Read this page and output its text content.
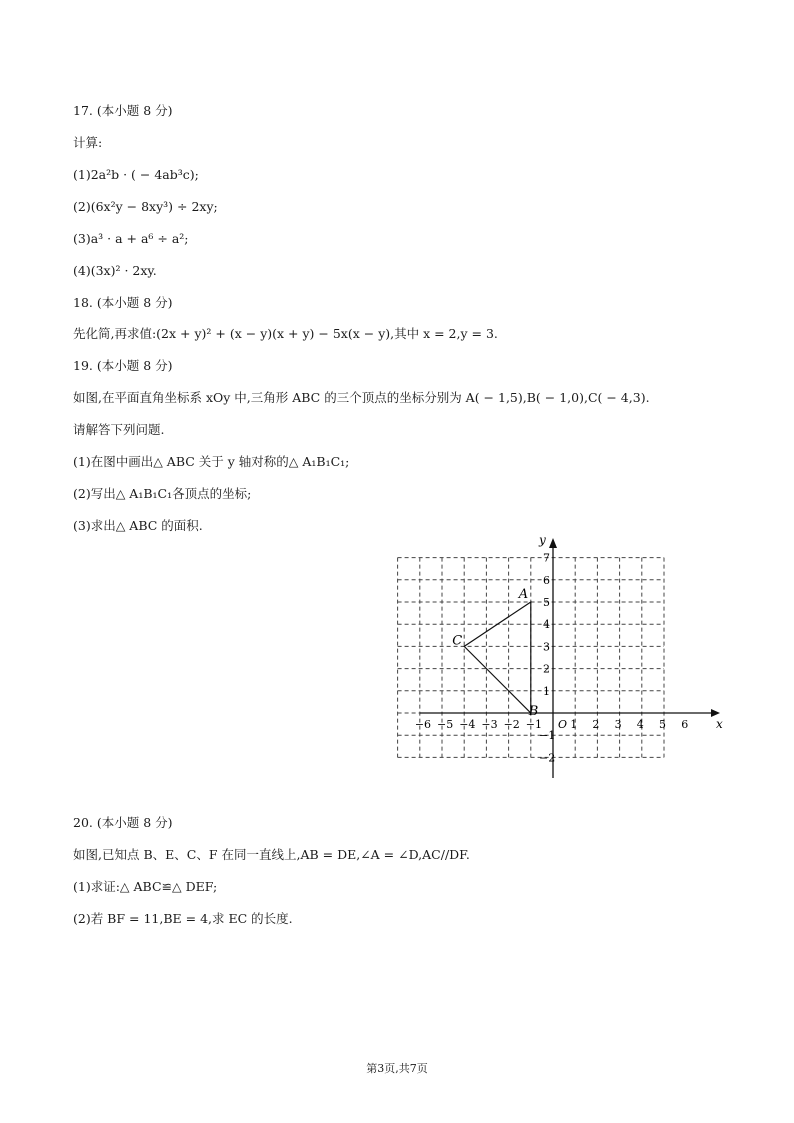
17. (本小题 8 分)
计算:
(1)2a²b · ( − 4ab³c);
(2)(6x²y − 8xy³) ÷ 2xy;
(3)a³ · a + a⁶ ÷ a²;
(4)(3x)² · 2xy.
18. (本小题 8 分)
先化简,再求值:(2x + y)² + (x − y)(x + y) − 5x(x − y),其中 x = 2,y = 3.
19. (本小题 8 分)
如图,在平面直角坐标系 xOy 中,三角形 ABC 的三个顶点的坐标分别为 A( − 1,5),B( − 1,0),C( − 4,3).
请解答下列问题.
(1)在图中画出△ ABC 关于 y 轴对称的△ A₁B₁C₁;
(2)写出△ A₁B₁C₁各顶点的坐标;
(3)求出△ ABC 的面积.
x
y
O
−6 −5 −4 −3 −2 −1	1 2 3 4 5 6
7
6
5
4
3
2
1
−1
−2
A
B
C
20. (本小题 8 分)
如图,已知点 B、E、C、F 在同一直线上,AB = DE,∠A = ∠D,AC//DF.
(1)求证:△ ABC≌△ DEF;
(2)若 BF = 11,BE = 4,求 EC 的长度.
第3页,共7页
